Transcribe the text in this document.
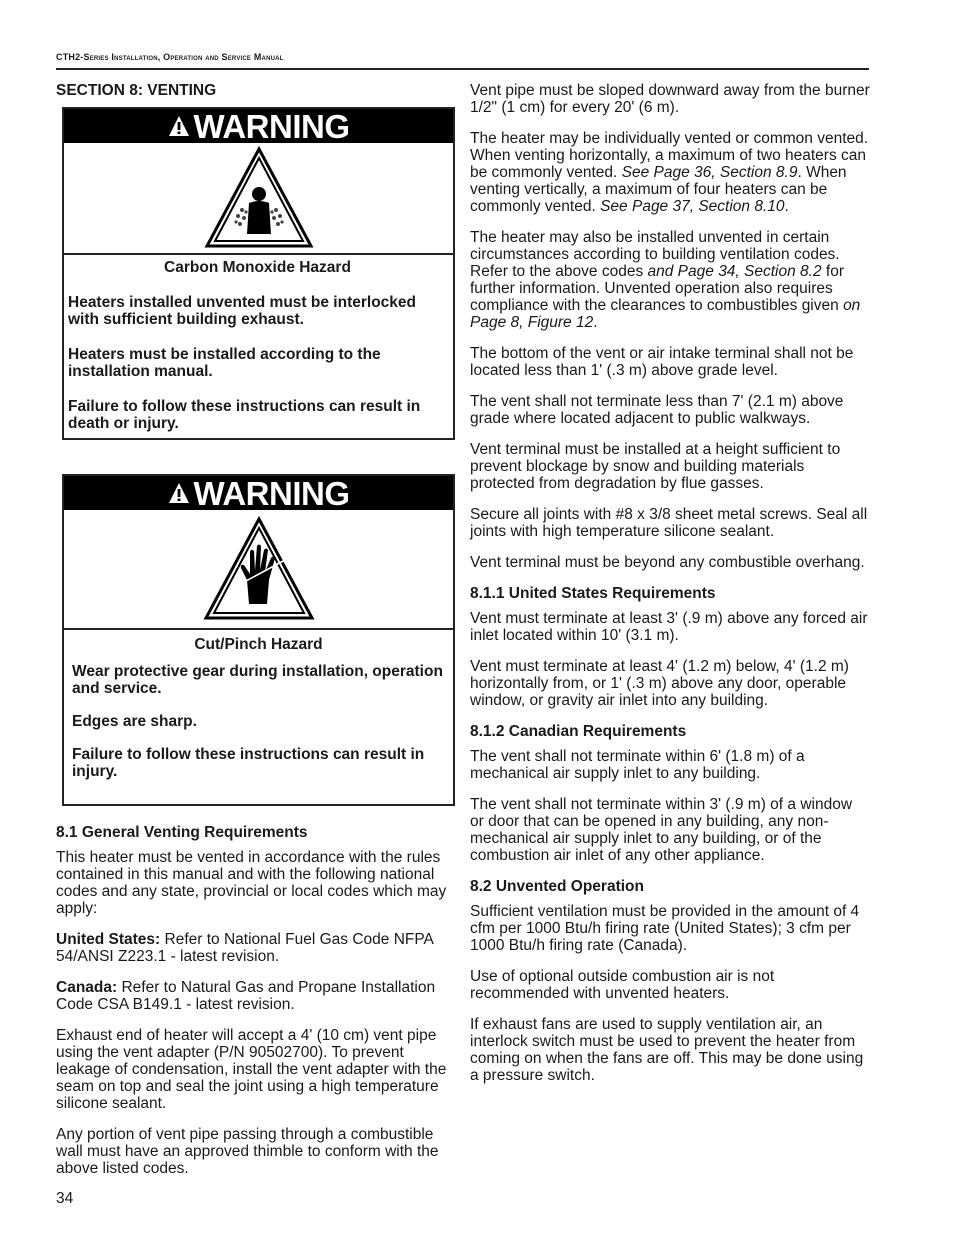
CTH2-Series Installation, Operation and Service Manual
SECTION 8: VENTING
WARNING

Carbon Monoxide Hazard

Heaters installed unvented must be interlocked with sufficient building exhaust.

Heaters must be installed according to the installation manual.

Failure to follow these instructions can result in death or injury.

WARNING

Cut/Pinch Hazard

Wear protective gear during installation, operation and service.

Edges are sharp.

Failure to follow these instructions can result in injury.

8.1 General Venting Requirements

This heater must be vented in accordance with the rules contained in this manual and with the following national codes and any state, provincial or local codes which may apply:

United States: Refer to National Fuel Gas Code NFPA 54/ANSI Z223.1 - latest revision.

Canada: Refer to Natural Gas and Propane Installation Code CSA B149.1 - latest revision.

Exhaust end of heater will accept a 4' (10 cm) vent pipe using the vent adapter (P/N 90502700). To prevent leakage of condensation, install the vent adapter with the seam on top and seal the joint using a high temperature silicone sealant.

Any portion of vent pipe passing through a combustible wall must have an approved thimble to conform with the above listed codes.

Vent pipe must be sloped downward away from the burner 1/2" (1 cm) for every 20' (6 m).

The heater may be individually vented or common vented. When venting horizontally, a maximum of two heaters can be commonly vented. See Page 36, Section 8.9. When venting vertically, a maximum of four heaters can be commonly vented. See Page 37, Section 8.10.

The heater may also be installed unvented in certain circumstances according to building ventilation codes. Refer to the above codes and Page 34, Section 8.2 for further information. Unvented operation also requires compliance with the clearances to combustibles given on Page 8, Figure 12.

The bottom of the vent or air intake terminal shall not be located less than 1' (.3 m) above grade level.

The vent shall not terminate less than 7' (2.1 m) above grade where located adjacent to public walkways.

Vent terminal must be installed at a height sufficient to prevent blockage by snow and building materials protected from degradation by flue gasses.

Secure all joints with #8 x 3/8 sheet metal screws. Seal all joints with high temperature silicone sealant.

Vent terminal must be beyond any combustible overhang.

8.1.1 United States Requirements

Vent must terminate at least 3' (.9 m) above any forced air inlet located within 10' (3.1 m).

Vent must terminate at least 4' (1.2 m) below, 4' (1.2 m) horizontally from, or 1' (.3 m) above any door, operable window, or gravity air inlet into any building.

8.1.2 Canadian Requirements

The vent shall not terminate within 6' (1.8 m) of a mechanical air supply inlet to any building.

The vent shall not terminate within 3' (.9 m) of a window or door that can be opened in any building, any non-mechanical air supply inlet to any building, or of the combustion air inlet of any other appliance.

8.2 Unvented Operation

Sufficient ventilation must be provided in the amount of 4 cfm per 1000 Btu/h firing rate (United States); 3 cfm per 1000 Btu/h firing rate (Canada).

Use of optional outside combustion air is not recommended with unvented heaters.

If exhaust fans are used to supply ventilation air, an interlock switch must be used to prevent the heater from coming on when the fans are off. This may be done using a pressure switch.

34
